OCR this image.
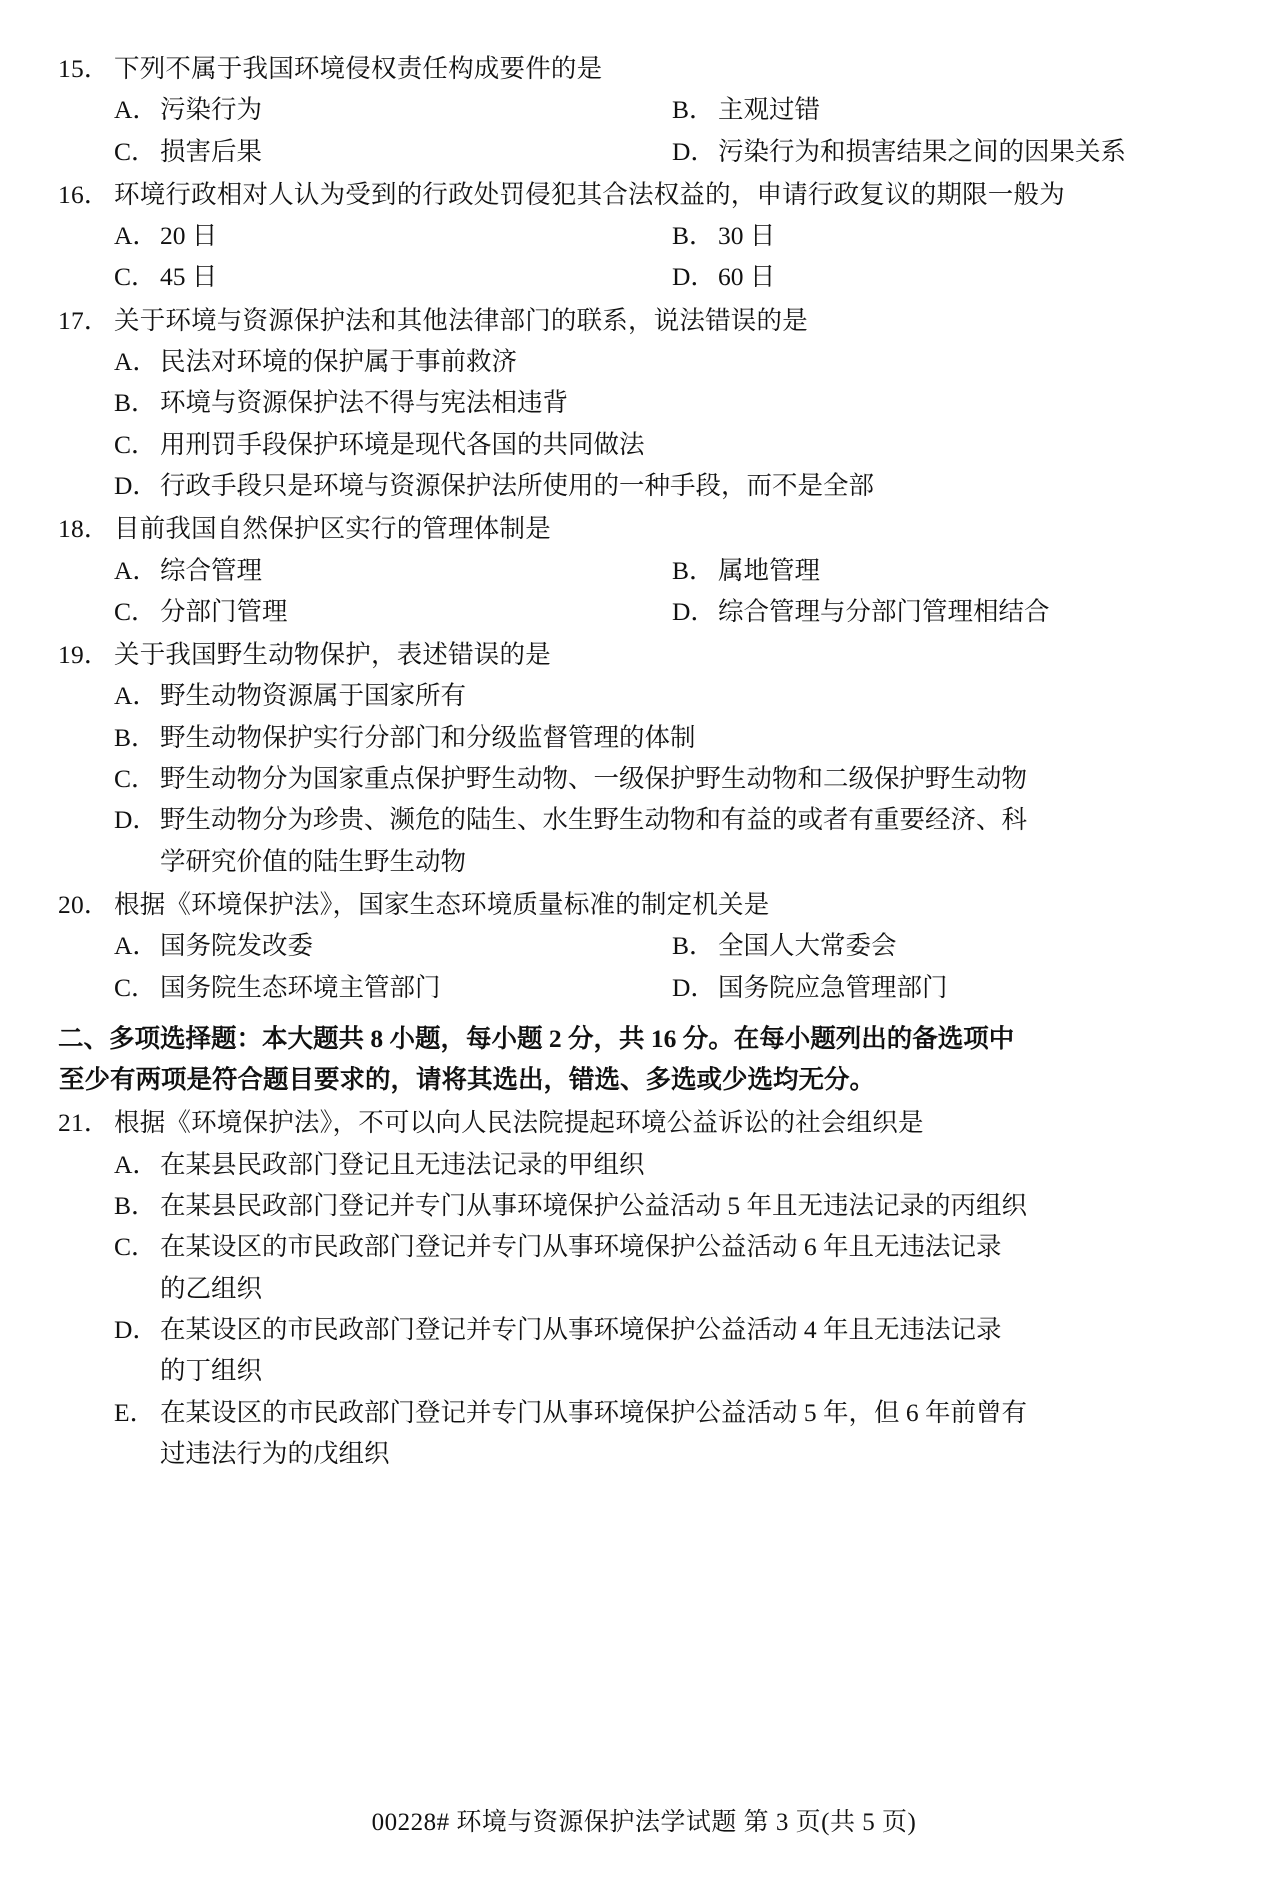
15． 下列不属于我国环境侵权责任构成要件的是
A． 污染行为	B． 主观过错
C． 损害后果	D． 污染行为和损害结果之间的因果关系
16． 环境行政相对人认为受到的行政处罚侵犯其合法权益的，申请行政复议的期限一般为
A． 20 日	B． 30 日
C． 45 日	D． 60 日
17． 关于环境与资源保护法和其他法律部门的联系，说法错误的是
A． 民法对环境的保护属于事前救济
B． 环境与资源保护法不得与宪法相违背
C． 用刑罚手段保护环境是现代各国的共同做法
D． 行政手段只是环境与资源保护法所使用的一种手段，而不是全部
18． 目前我国自然保护区实行的管理体制是
A． 综合管理	B． 属地管理
C． 分部门管理	D． 综合管理与分部门管理相结合
19． 关于我国野生动物保护，表述错误的是
A． 野生动物资源属于国家所有
B． 野生动物保护实行分部门和分级监督管理的体制
C． 野生动物分为国家重点保护野生动物、一级保护野生动物和二级保护野生动物
D． 野生动物分为珍贵、濒危的陆生、水生野生动物和有益的或者有重要经济、科
学研究价值的陆生野生动物
20． 根据《环境保护法》，国家生态环境质量标准的制定机关是
A． 国务院发改委	B． 全国人大常委会
C． 国务院生态环境主管部门	D． 国务院应急管理部门
二、 多项选择题：本大题共 8 小题，每小题 2 分，共 16 分。在每小题列出的备选项中
至少有两项是符合题目要求的，请将其选出，错选、多选或少选均无分。
21． 根据《环境保护法》，不可以向人民法院提起环境公益诉讼的社会组织是
A． 在某县民政部门登记且无违法记录的甲组织
B． 在某县民政部门登记并专门从事环境保护公益活动 5 年且无违法记录的丙组织
C． 在某设区的市民政部门登记并专门从事环境保护公益活动 6 年且无违法记录
的乙组织
D． 在某设区的市民政部门登记并专门从事环境保护公益活动 4 年且无违法记录
的丁组织
E． 在某设区的市民政部门登记并专门从事环境保护公益活动 5 年，但 6 年前曾有
过违法行为的戊组织
00228# 环境与资源保护法学试题 第 3 页(共 5 页)
